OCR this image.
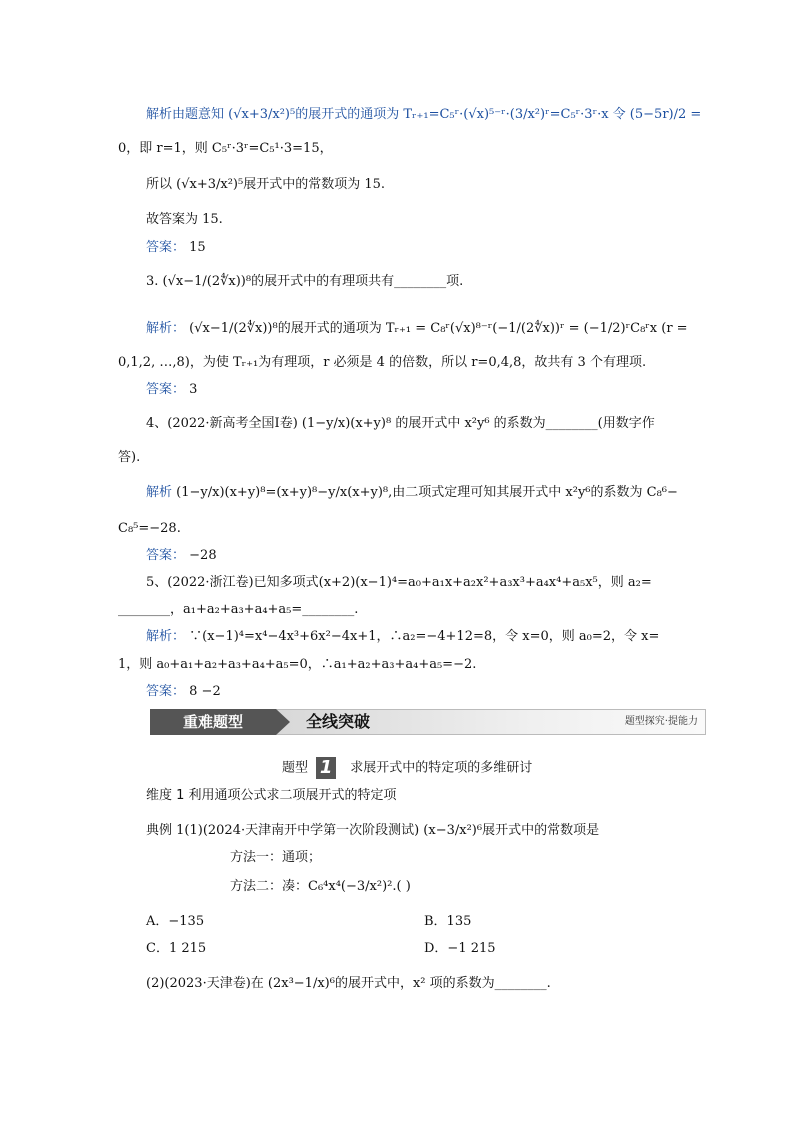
解析由题意知 (√x+3/x²)⁵的展开式的通项为 Tᵣ₊₁=C₅ʳ·(√x)⁵⁻ʳ·(3/x²)ʳ=C₅ʳ·3ʳ·x 令 (5−5r)/2 =
0，即 r=1，则 C₅ʳ·3ʳ=C₅¹·3=15，
所以 (√x+3/x²)⁵展开式中的常数项为 15.
故答案为 15.
答案： 15
3. (√x−1/(2∜x))⁸的展开式中的有理项共有________项.
解析： (√x−1/(2∜x))⁸的展开式的通项为 Tᵣ₊₁ = C₈ʳ(√x)⁸⁻ʳ(−1/(2∜x))ʳ = (−1/2)ʳC₈ʳx (r =
0,1,2, …,8)，为使 Tᵣ₊₁为有理项，r 必须是 4 的倍数，所以 r=0,4,8，故共有 3 个有理项.
答案： 3
4、(2022·新高考全国Ⅰ卷) (1−y/x)(x+y)⁸ 的展开式中 x²y⁶ 的系数为________(用数字作
答).
解析 (1−y/x)(x+y)⁸=(x+y)⁸−y/x(x+y)⁸,由二项式定理可知其展开式中 x²y⁶的系数为 C₈⁶−
C₈⁵=−28.
答案： −28
5、(2022·浙江卷)已知多项式(x+2)(x−1)⁴=a₀+a₁x+a₂x²+a₃x³+a₄x⁴+a₅x⁵，则 a₂=
________，a₁+a₂+a₃+a₄+a₅=________.
解析： ∵(x−1)⁴=x⁴−4x³+6x²−4x+1，∴a₂=−4+12=8，令 x=0，则 a₀=2，令 x=
1，则 a₀+a₁+a₂+a₃+a₄+a₅=0，∴a₁+a₂+a₃+a₄+a₅=−2.
答案： 8 −2
重难题型	全线突破	题型探究·提能力
题型 1 求展开式中的特定项的多维研讨
维度 1 利用通项公式求二项展开式的特定项
典例 1(1)(2024·天津南开中学第一次阶段测试) (x−3/x²)⁶展开式中的常数项是
方法一：通项；
方法二：凑：C₆⁴x⁴(−3/x²)².( )
A．−135	B．135
C．1 215	D．−1 215
(2)(2023·天津卷)在 (2x³−1/x)⁶的展开式中，x² 项的系数为________.
